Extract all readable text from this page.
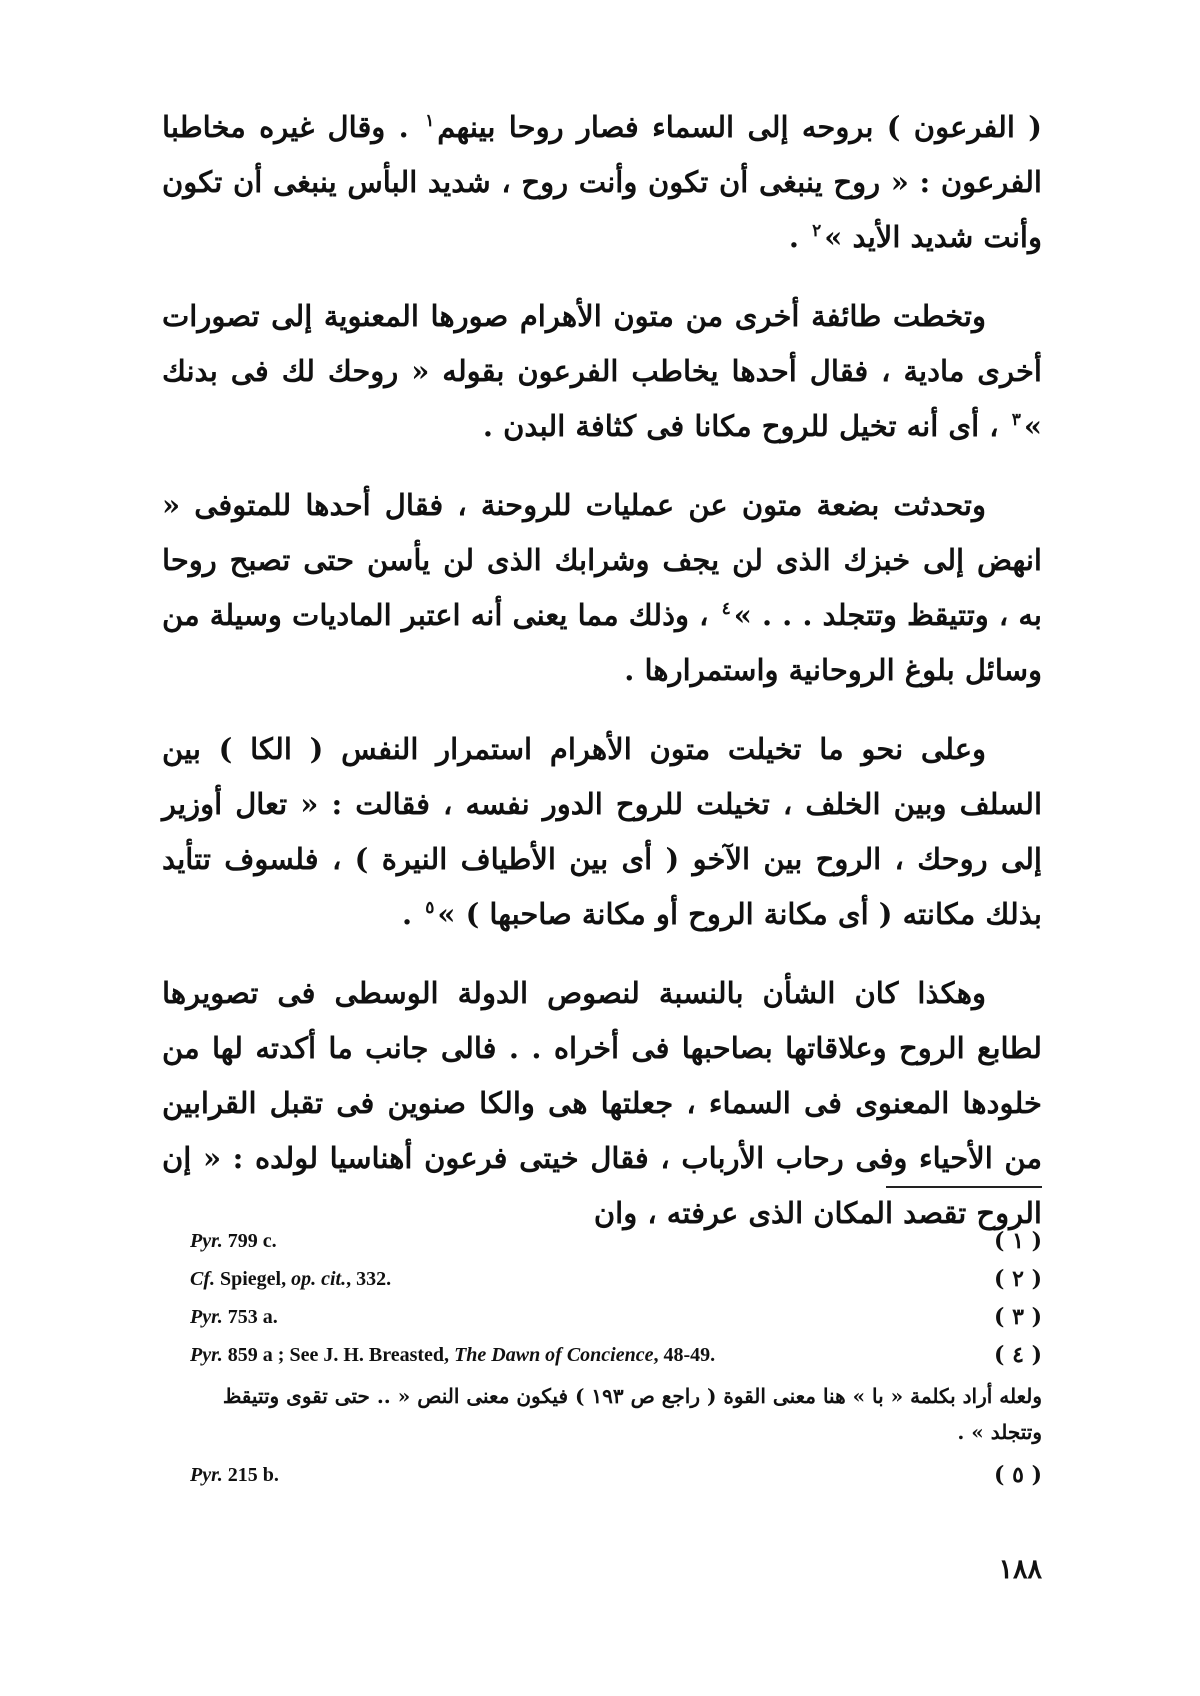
( الفرعون ) بروحه إلى السماء فصار روحا بينهم$^١$ . وقال غيره مخاطبا الفرعون : « روح ينبغى أن تكون وأنت روح ، شديد البأس ينبغى أن تكون وأنت شديد الأيد »$^٢$ .

وتخطت طائفة أخرى من متون الأهرام صورها المعنوية إلى تصورات أخرى مادية ، فقال أحدها يخاطب الفرعون بقوله « روحك لك فى بدنك »$^٣$ ، أى أنه تخيل للروح مكانا فى كثافة البدن .

وتحدثت بضعة متون عن عمليات للروحنة ، فقال أحدها للمتوفى « انهض إلى خبزك الذى لن يجف وشرابك الذى لن يأسن حتى تصبح روحا به ، وتتيقظ وتتجلد . . . »$^٤$ ، وذلك مما يعنى أنه اعتبر الماديات وسيلة من وسائل بلوغ الروحانية واستمرارها .

وعلى نحو ما تخيلت متون الأهرام استمرار النفس ( الكا ) بين السلف وبين الخلف ، تخيلت للروح الدور نفسه ، فقالت : « تعال أوزير إلى روحك ، الروح بين الآخو ( أى بين الأطياف النيرة ) ، فلسوف تتأيد بذلك مكانته ( أى مكانة الروح أو مكانة صاحبها ) »$^٥$ .

وهكذا كان الشأن بالنسبة لنصوص الدولة الوسطى فى تصويرها لطابع الروح وعلاقاتها بصاحبها فى أخراه . . فالى جانب ما أكدته لها من خلودها المعنوى فى السماء ، جعلتها هى والكا صنوين فى تقبل القرابين من الأحياء وفى رحاب الأرباب ، فقال خيتى فرعون أهناسيا لولده : « إن الروح تقصد المكان الذى عرفته ، وان

( ١ )
Pyr. 799 c.
( ٢ )
Cf. Spiegel, op. cit., 332.
( ٣ )
Pyr. 753 a.
( ٤ )
Pyr. 859 a ; See J. H. Breasted, The Dawn of Concience, 48-49.
ولعله أراد بكلمة « با » هنا معنى القوة ( راجع ص ١٩٣ ) فيكون معنى النص « .. حتى تقوى وتتيقظ وتتجلد » .
( ٥ )
Pyr. 215 b.
١٨٨
